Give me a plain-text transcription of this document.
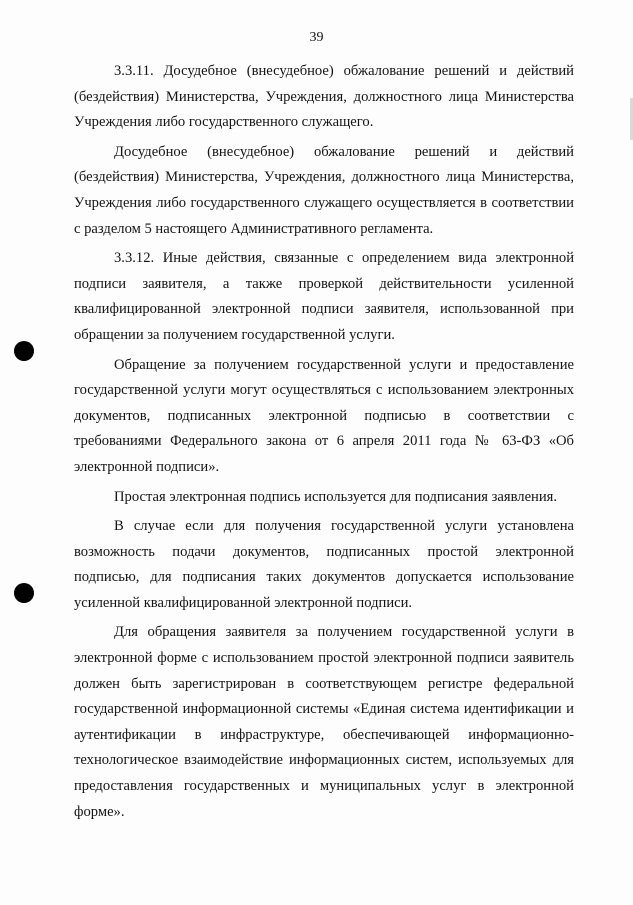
39

3.3.11. Досудебное (внесудебное) обжалование решений и действий (бездействия) Министерства, Учреждения, должностного лица Министерства Учреждения либо государственного служащего.

Досудебное (внесудебное) обжалование решений и действий (бездействия) Министерства, Учреждения, должностного лица Министерства, Учреждения либо государственного служащего осуществляется в соответствии с разделом 5 настоящего Административного регламента.

3.3.12. Иные действия, связанные с определением вида электронной подписи заявителя, а также проверкой действительности усиленной квалифицированной электронной подписи заявителя, использованной при обращении за получением государственной услуги.

Обращение за получением государственной услуги и предоставление государственной услуги могут осуществляться с использованием электронных документов, подписанных электронной подписью в соответствии с требованиями Федерального закона от 6 апреля 2011 года № 63-ФЗ «Об электронной подписи».

Простая электронная подпись используется для подписания заявления.

В случае если для получения государственной услуги установлена возможность подачи документов, подписанных простой электронной подписью, для подписания таких документов допускается использование усиленной квалифицированной электронной подписи.

Для обращения заявителя за получением государственной услуги в электронной форме с использованием простой электронной подписи заявитель должен быть зарегистрирован в соответствующем регистре федеральной государственной информационной системы «Единая система идентификации и аутентификации в инфраструктуре, обеспечивающей информационно-технологическое взаимодействие информационных систем, используемых для предоставления государственных и муниципальных услуг в электронной форме».
